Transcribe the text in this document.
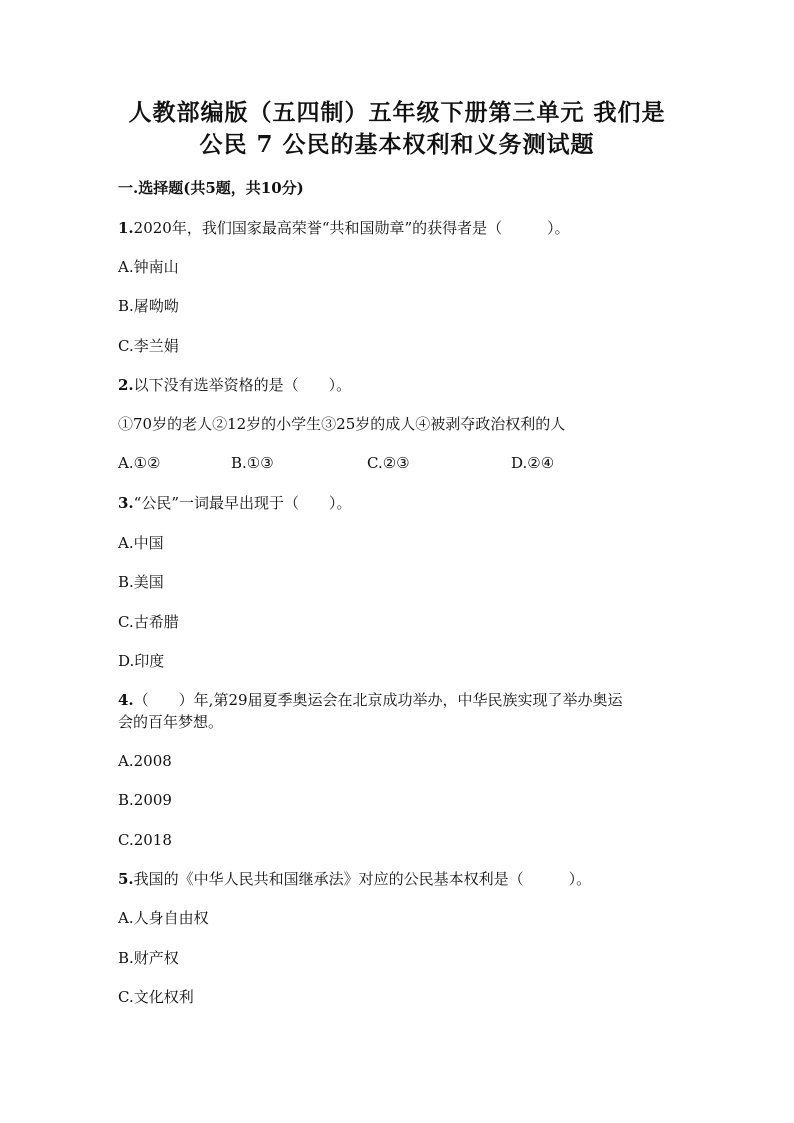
人教部编版（五四制）五年级下册第三单元 我们是
公民 7 公民的基本权利和义务测试题
一.选择题(共5题，共10分)
1.2020年，我们国家最高荣誉“共和国勋章”的获得者是（　　　）。
A.钟南山
B.屠呦呦
C.李兰娟
2.以下没有选举资格的是（　　）。
①70岁的老人②12岁的小学生③25岁的成人④被剥夺政治权利的人
A.①②	B.①③	C.②③	D.②④
3.“公民”一词最早出现于（　　）。
A.中国
B.美国
C.古希腊
D.印度
4.（　　）年,第29届夏季奥运会在北京成功举办，中华民族实现了举办奥运
会的百年梦想。
A.2008
B.2009
C.2018
5.我国的《中华人民共和国继承法》对应的公民基本权利是（　　　）。
A.人身自由权
B.财产权
C.文化权利
